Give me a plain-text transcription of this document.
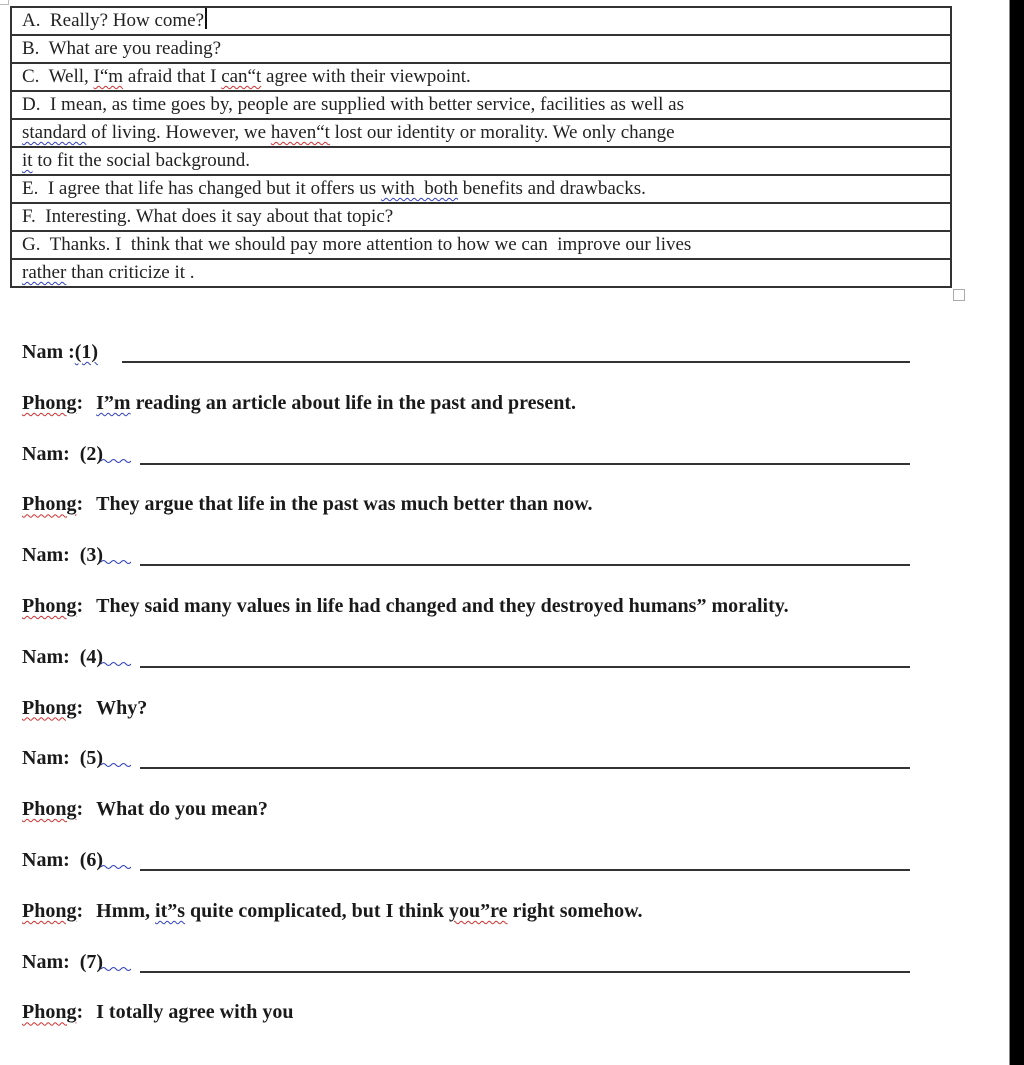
A. Really? How come?
B. What are you reading?
C. Well, I“m afraid that I can“t agree with their viewpoint.
D. I mean, as time goes by, people are supplied with better service, facilities as well as
standard of living. However, we haven“t lost our identity or morality. We only change
it to fit the social background.
E. I agree that life has changed but it offers us with  both benefits and drawbacks.
F. Interesting. What does it say about that topic?
G. Thanks. I  think that we should pay more attention to how we can  improve our lives
rather than criticize it .
Nam :(1)
Phong: I”m reading an article about life in the past and present.
Nam: (2)
Phong: They argue that life in the past was much better than now.
Nam: (3)
Phong: They said many values in life had changed and they destroyed humans” morality.
Nam: (4)
Phong: Why?
Nam: (5)
Phong: What do you mean?
Nam: (6)
Phong: Hmm, it”s quite complicated, but I think you”re right somehow.
Nam: (7)
Phong: I totally agree with you
